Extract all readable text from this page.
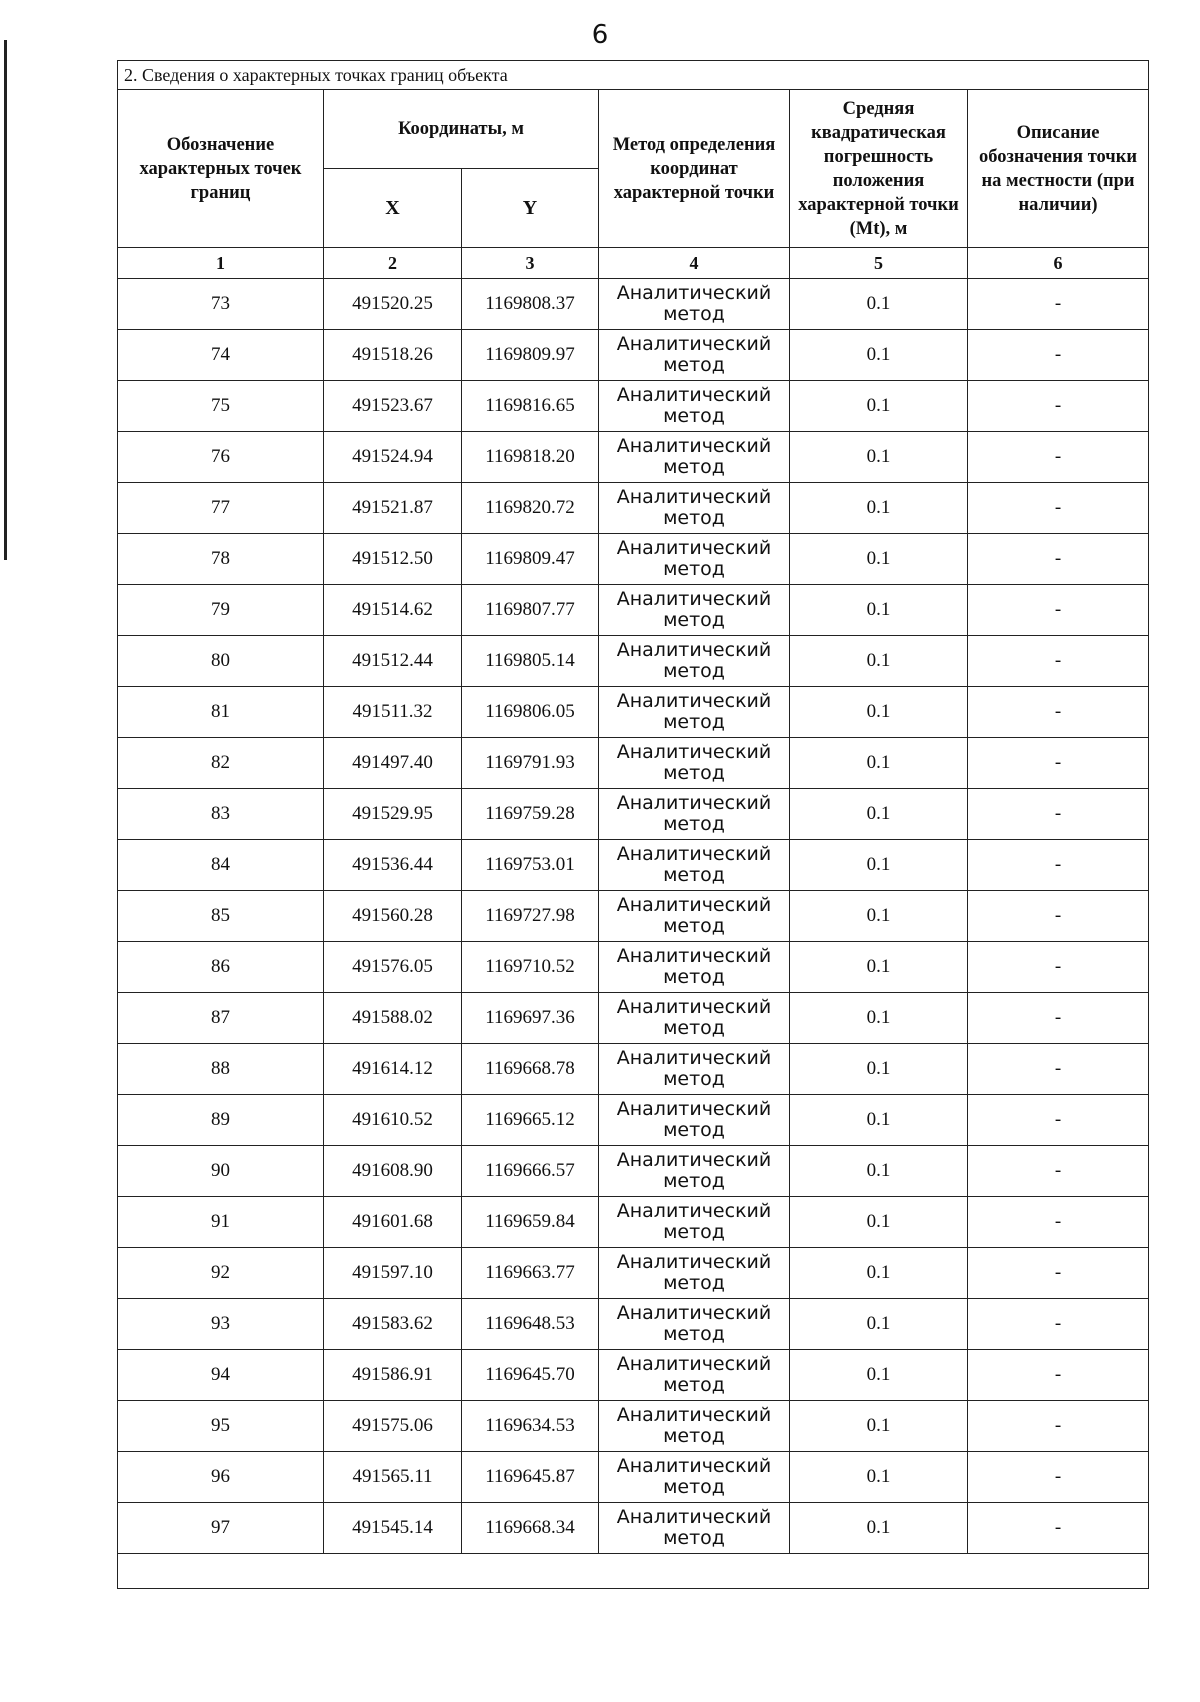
6
2. Сведения о характерных точках границ объекта					
Обозначение характерных точек границ	Координаты, м		Метод определения координат характерной точки	Средняя квадратическая погрешность положения характерной точки (Mt), м	Описание обозначения точки на местности (при наличии)
	X	Y			
1	2	3	4	5	6
73	491520.25	1169808.37	Аналитический метод	0.1	-
74	491518.26	1169809.97	Аналитический метод	0.1	-
75	491523.67	1169816.65	Аналитический метод	0.1	-
76	491524.94	1169818.20	Аналитический метод	0.1	-
77	491521.87	1169820.72	Аналитический метод	0.1	-
78	491512.50	1169809.47	Аналитический метод	0.1	-
79	491514.62	1169807.77	Аналитический метод	0.1	-
80	491512.44	1169805.14	Аналитический метод	0.1	-
81	491511.32	1169806.05	Аналитический метод	0.1	-
82	491497.40	1169791.93	Аналитический метод	0.1	-
83	491529.95	1169759.28	Аналитический метод	0.1	-
84	491536.44	1169753.01	Аналитический метод	0.1	-
85	491560.28	1169727.98	Аналитический метод	0.1	-
86	491576.05	1169710.52	Аналитический метод	0.1	-
87	491588.02	1169697.36	Аналитический метод	0.1	-
88	491614.12	1169668.78	Аналитический метод	0.1	-
89	491610.52	1169665.12	Аналитический метод	0.1	-
90	491608.90	1169666.57	Аналитический метод	0.1	-
91	491601.68	1169659.84	Аналитический метод	0.1	-
92	491597.10	1169663.77	Аналитический метод	0.1	-
93	491583.62	1169648.53	Аналитический метод	0.1	-
94	491586.91	1169645.70	Аналитический метод	0.1	-
95	491575.06	1169634.53	Аналитический метод	0.1	-
96	491565.11	1169645.87	Аналитический метод	0.1	-
97	491545.14	1169668.34	Аналитический метод	0.1	-
